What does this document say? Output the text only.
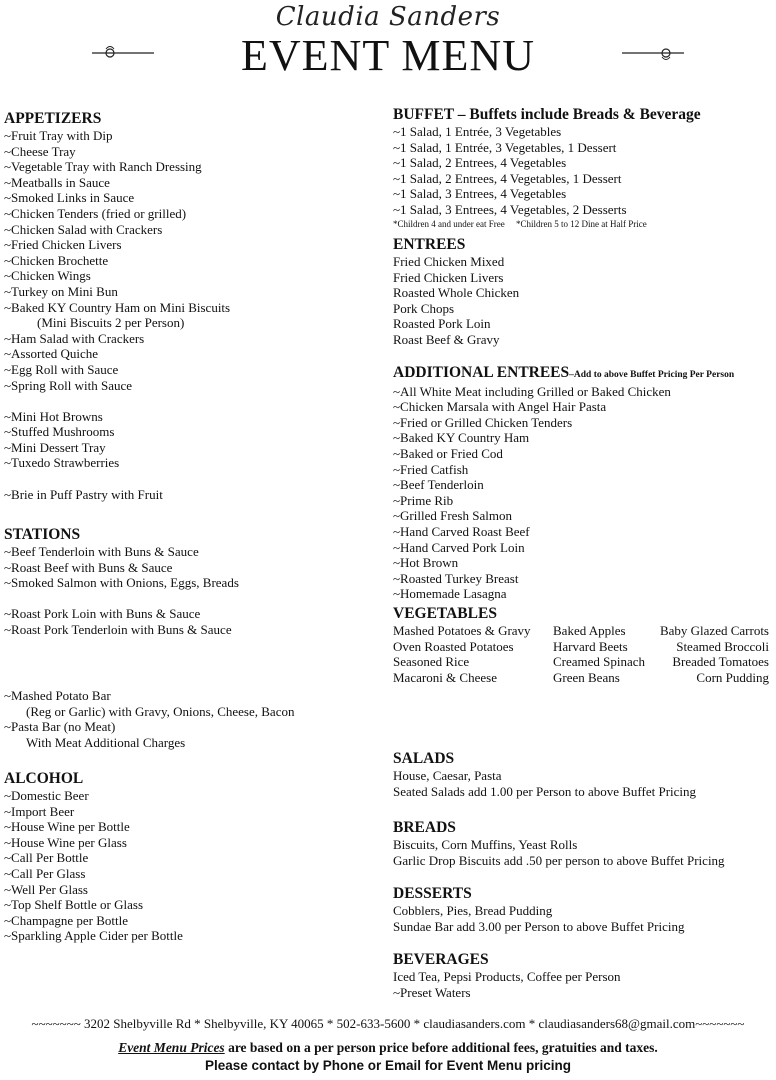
Claudia Sanders
EVENT MENU
APPETIZERS
~Fruit Tray with Dip
~Cheese Tray
~Vegetable Tray with Ranch Dressing
~Meatballs in Sauce
~Smoked Links in Sauce
~Chicken Tenders (fried or grilled)
~Chicken Salad with Crackers
~Fried Chicken Livers
~Chicken Brochette
~Chicken Wings
~Turkey on Mini Bun
~Baked KY Country Ham on Mini Biscuits
(Mini Biscuits 2 per Person)
~Ham Salad with Crackers
~Assorted Quiche
~Egg Roll with Sauce
~Spring Roll with Sauce
~Mini Hot Browns
~Stuffed Mushrooms
~Mini Dessert Tray
~Tuxedo Strawberries
~Brie in Puff Pastry with Fruit
STATIONS
~Beef Tenderloin with Buns & Sauce
~Roast Beef with Buns & Sauce
~Smoked Salmon with Onions, Eggs, Breads
~Roast Pork Loin with Buns & Sauce
~Roast Pork Tenderloin with Buns & Sauce
~Mashed Potato Bar
(Reg or Garlic) with Gravy, Onions, Cheese, Bacon
~Pasta Bar (no Meat)
With Meat Additional Charges
ALCOHOL
~Domestic Beer
~Import Beer
~House Wine per Bottle
~House Wine per Glass
~Call Per Bottle
~Call Per Glass
~Well Per Glass
~Top Shelf Bottle or Glass
~Champagne per Bottle
~Sparkling Apple Cider per Bottle
BUFFET – Buffets include Breads & Beverage
~1 Salad, 1 Entrée, 3 Vegetables
~1 Salad, 1 Entrée, 3 Vegetables, 1 Dessert
~1 Salad, 2 Entrees, 4 Vegetables
~1 Salad, 2 Entrees, 4 Vegetables, 1 Dessert
~1 Salad, 3 Entrees, 4 Vegetables
~1 Salad, 3 Entrees, 4 Vegetables, 2 Desserts
*Children 4 and under eat Free     *Children 5 to 12 Dine at Half Price
ENTREES
Fried Chicken Mixed
Fried Chicken Livers
Roasted Whole Chicken
Pork Chops
Roasted Pork Loin
Roast Beef & Gravy
ADDITIONAL ENTREES–Add to above Buffet Pricing Per Person
~All White Meat including Grilled or Baked Chicken
~Chicken Marsala with Angel Hair Pasta
~Fried or Grilled Chicken Tenders
~Baked KY Country Ham
~Baked or Fried Cod
~Fried Catfish
~Beef Tenderloin
~Prime Rib
~Grilled Fresh Salmon
~Hand Carved Roast Beef
~Hand Carved Pork Loin
~Hot Brown
~Roasted Turkey Breast
~Homemade Lasagna
VEGETABLES
Mashed Potatoes & Gravy	Baked Apples	Baby Glazed Carrots
Oven Roasted Potatoes	Harvard Beets	Steamed Broccoli
Seasoned Rice	Creamed Spinach	Breaded Tomatoes
Macaroni & Cheese	Green Beans	Corn Pudding
SALADS
House, Caesar, Pasta
Seated Salads add 1.00 per Person to above Buffet Pricing
BREADS
Biscuits, Corn Muffins, Yeast Rolls
Garlic Drop Biscuits add .50 per person to above Buffet Pricing
DESSERTS
Cobblers, Pies, Bread Pudding
Sundae Bar add 3.00 per Person to above Buffet Pricing
BEVERAGES
Iced Tea, Pepsi Products, Coffee per Person
~Preset Waters
~~~~~~~ 3202 Shelbyville Rd * Shelbyville, KY 40065 * 502-633-5600 * claudiasanders.com * claudiasanders68@gmail.com~~~~~~~
Event Menu Prices are based on a per person price before additional fees, gratuities and taxes.
Please contact by Phone or Email for Event Menu pricing
